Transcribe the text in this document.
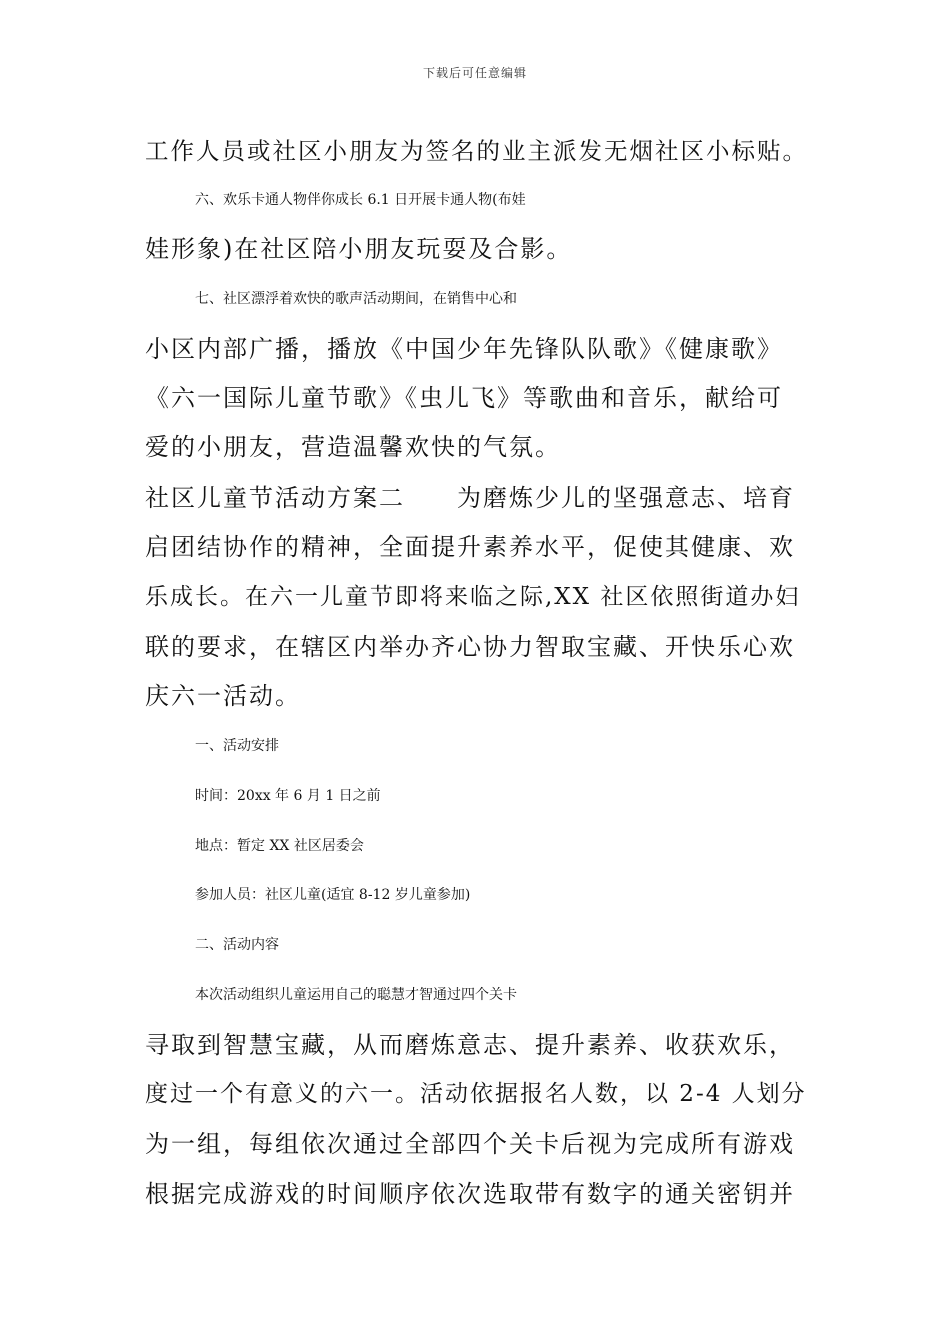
下载后可任意编辑
工作人员或社区小朋友为签名的业主派发无烟社区小标贴。
六、欢乐卡通人物伴你成长 6.1 日开展卡通人物(布娃
娃形象)在社区陪小朋友玩耍及合影。
七、社区漂浮着欢快的歌声活动期间，在销售中心和
小区内部广播，播放《中国少年先锋队队歌》《健康歌》
《六一国际儿童节歌》《虫儿飞》等歌曲和音乐，献给可
爱的小朋友，营造温馨欢快的气氛。
社区儿童节活动方案二　　为磨炼少儿的坚强意志、培育
启团结协作的精神，全面提升素养水平，促使其健康、欢
乐成长。在六一儿童节即将来临之际,XX 社区依照街道办妇
联的要求，在辖区内举办齐心协力智取宝藏、开快乐心欢
庆六一活动。
一、活动安排
时间：20xx 年 6 月 1 日之前
地点：暂定 XX 社区居委会
参加人员：社区儿童(适宜 8-12 岁儿童参加)
二、活动内容
本次活动组织儿童运用自己的聪慧才智通过四个关卡
寻取到智慧宝藏，从而磨炼意志、提升素养、收获欢乐，
度过一个有意义的六一。活动依据报名人数，以 2-4 人划分
为一组，每组依次通过全部四个关卡后视为完成所有游戏
根据完成游戏的时间顺序依次选取带有数字的通关密钥并
